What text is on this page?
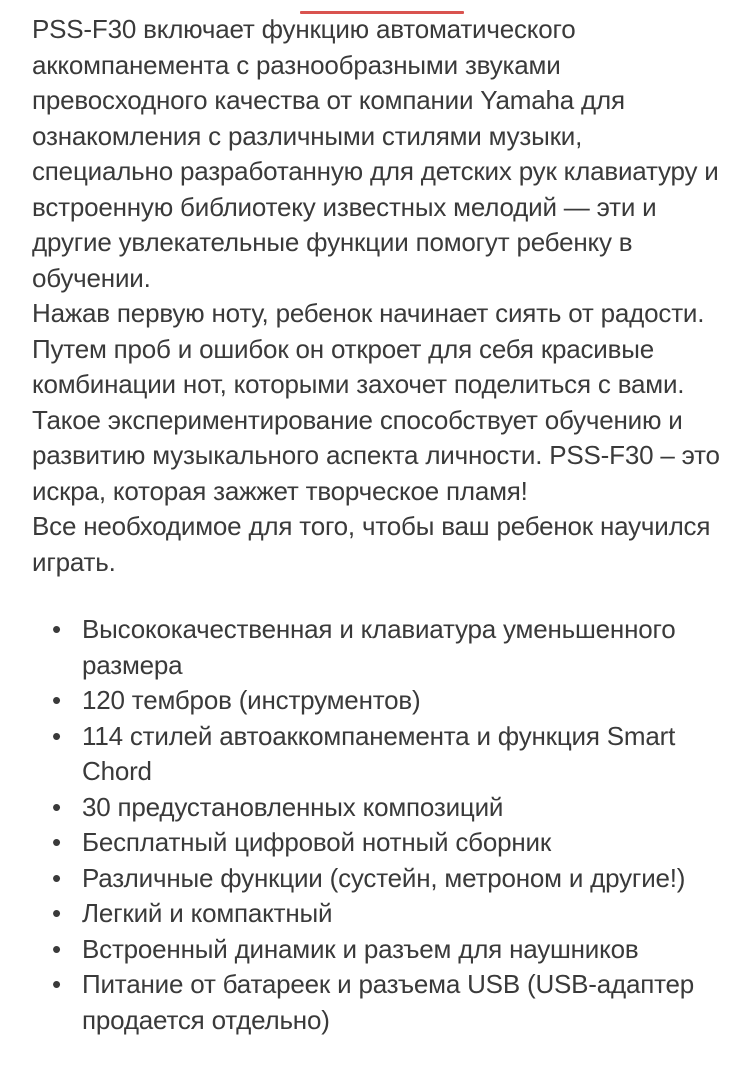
PSS-F30 включает функцию автоматического аккомпанемента с разнообразными звуками превосходного качества от компании Yamaha для ознакомления с различными стилями музыки, специально разработанную для детских рук клавиатуру и встроенную библиотеку известных мелодий — эти и другие увлекательные функции помогут ребенку в обучении.

Нажав первую ноту, ребенок начинает сиять от радости. Путем проб и ошибок он откроет для себя красивые комбинации нот, которыми захочет поделиться с вами. Такое экспериментирование способствует обучению и развитию музыкального аспекта личности. PSS-F30 – это искра, которая зажжет творческое пламя!

Все необходимое для того, чтобы ваш ребенок научился играть.

• Высококачественная и клавиатура уменьшенного размера
• 120 тембров (инструментов)
• 114 стилей автоаккомпанемента и функция Smart Chord
• 30 предустановленных композиций
• Бесплатный цифровой нотный сборник
• Различные функции (сустейн, метроном и другие!)
• Легкий и компактный
• Встроенный динамик и разъем для наушников
• Питание от батареек и разъема USB (USB-адаптер продается отдельно)
